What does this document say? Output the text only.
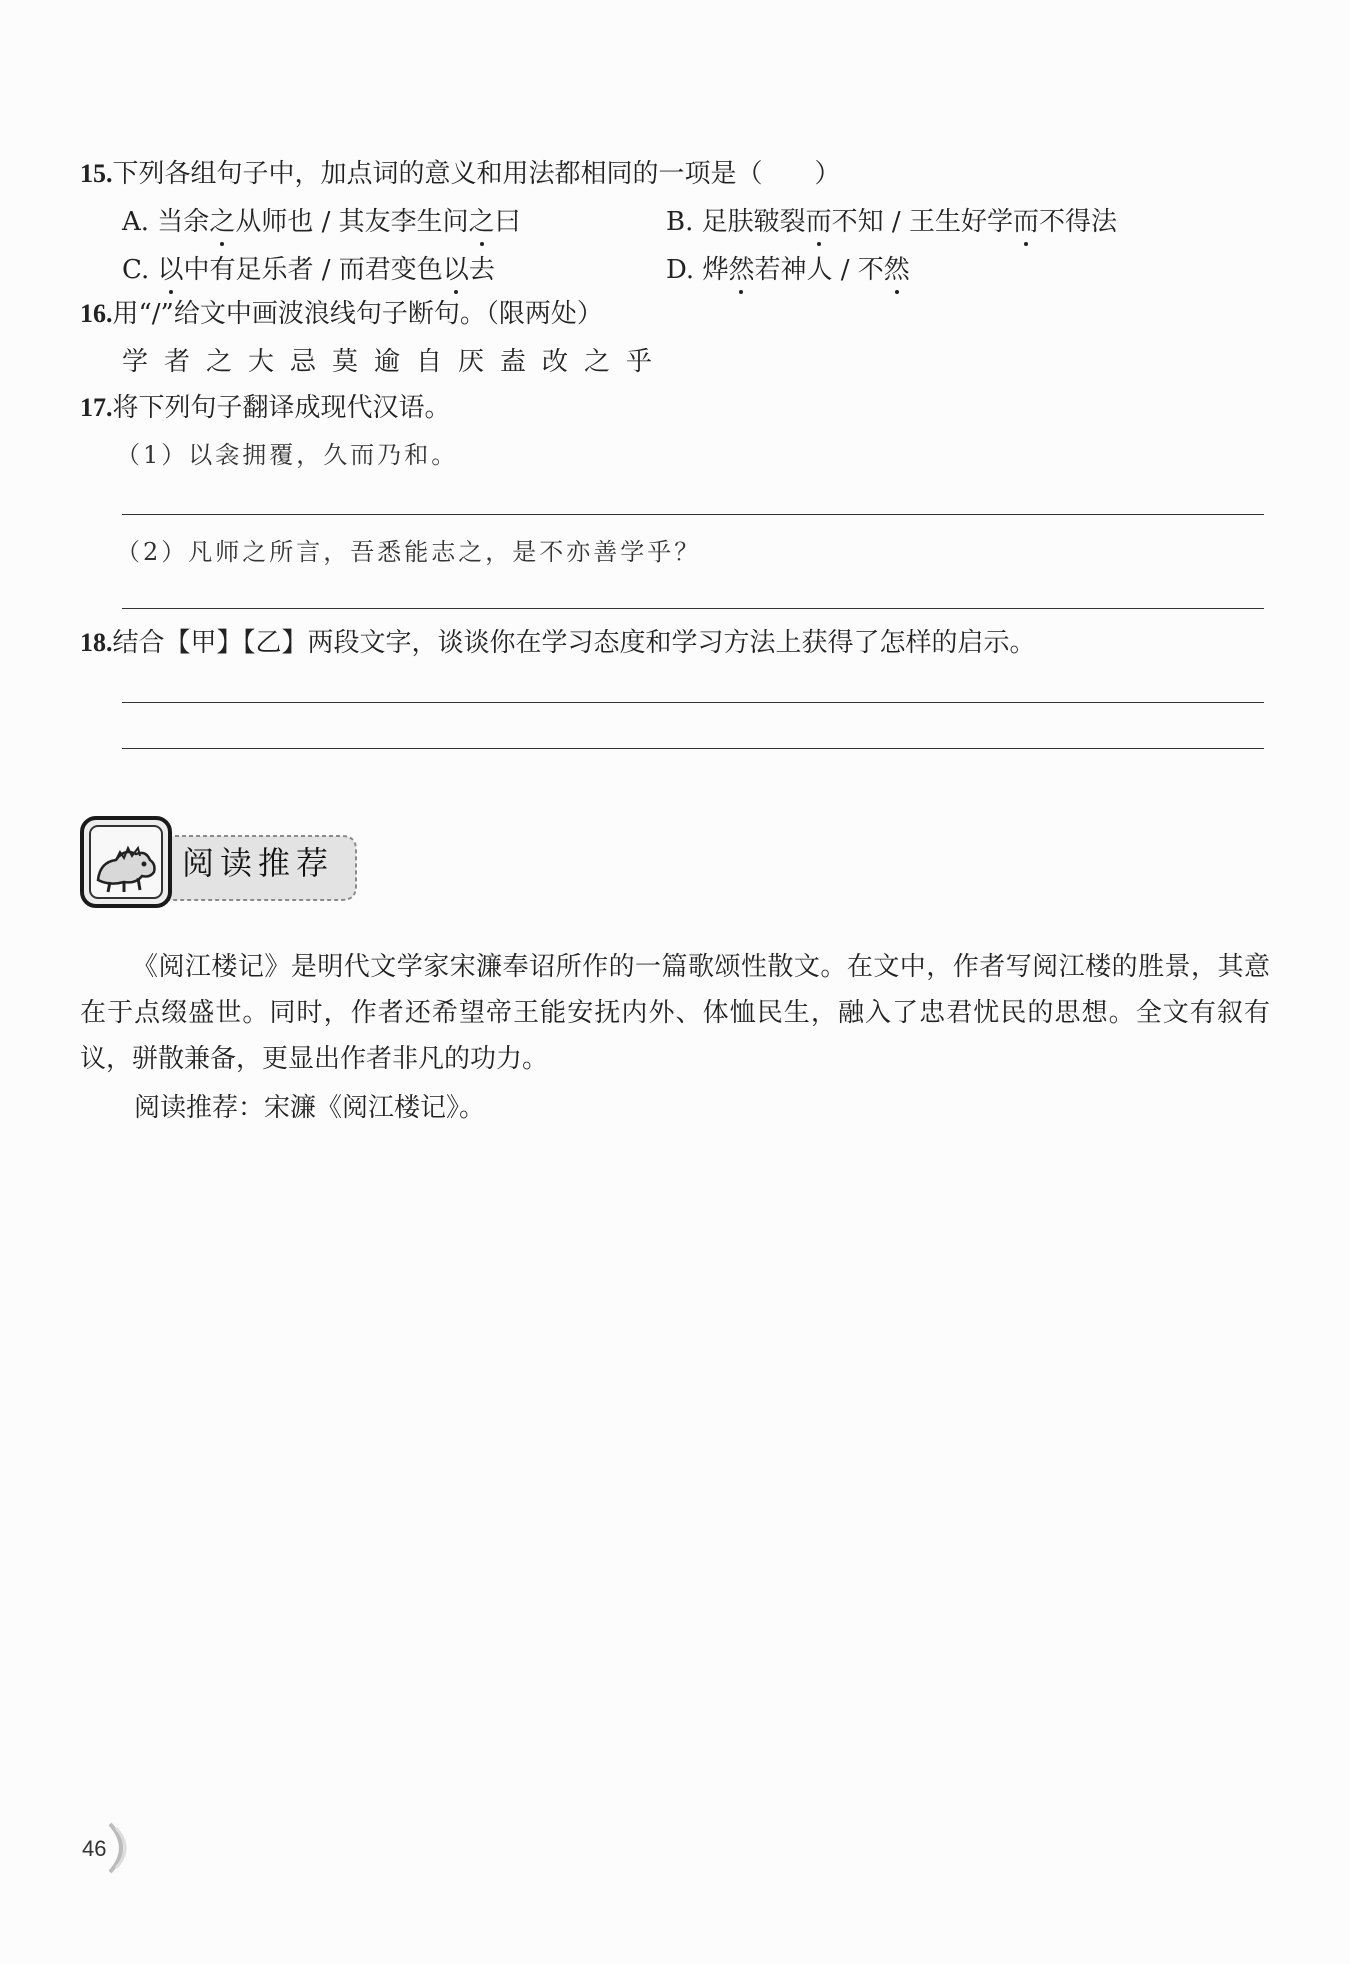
15.下列各组句子中，加点词的意义和用法都相同的一项是（　　）
A. 当余之从师也 / 其友李生问之曰	B. 足肤皲裂而不知 / 王生好学而不得法
C. 以中有足乐者 / 而君变色以去	D. 烨然若神人 / 不然
16.用“/”给文中画波浪线句子断句。（限两处）
学者之大忌莫逾自厌盍改之乎
17.将下列句子翻译成现代汉语。
（1）以衾拥覆，久而乃和。
（2）凡师之所言，吾悉能志之，是不亦善学乎？
18.结合【甲】【乙】两段文字，谈谈你在学习态度和学习方法上获得了怎样的启示。
阅读推荐
《阅江楼记》是明代文学家宋濂奉诏所作的一篇歌颂性散文。在文中，作者写阅江楼的胜景，其意在于点缀盛世。同时，作者还希望帝王能安抚内外、体恤民生，融入了忠君忧民的思想。全文有叙有议，骈散兼备，更显出作者非凡的功力。
阅读推荐：宋濂《阅江楼记》。
46
